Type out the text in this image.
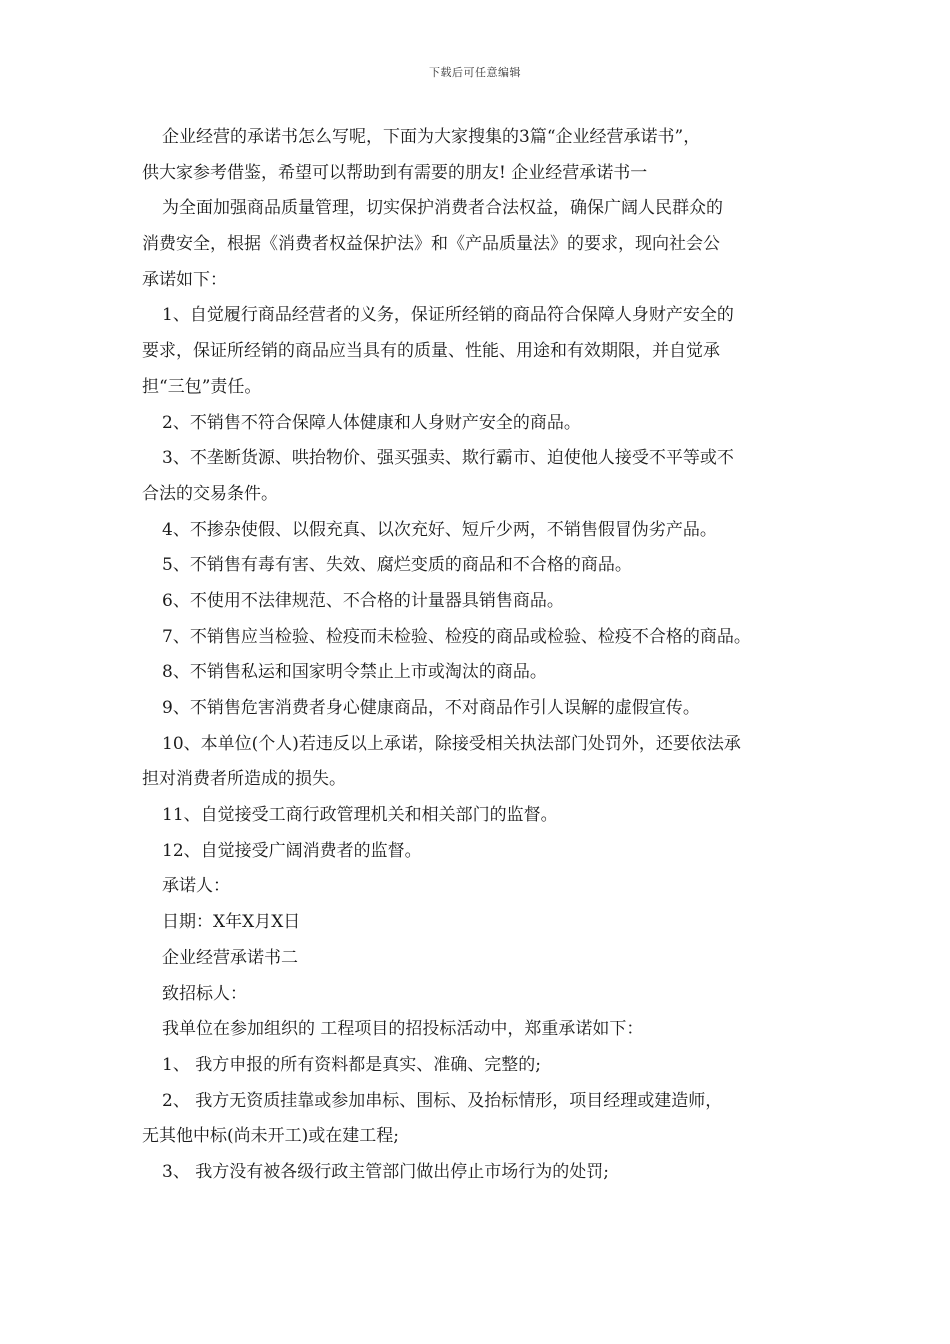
下载后可任意编辑
企业经营的承诺书怎么写呢，下面为大家搜集的3篇“企业经营承诺书”，
供大家参考借鉴，希望可以帮助到有需要的朋友! 企业经营承诺书一
为全面加强商品质量管理，切实保护消费者合法权益，确保广阔人民群众的
消费安全，根据《消费者权益保护法》和《产品质量法》的要求，现向社会公
承诺如下：
1、自觉履行商品经营者的义务，保证所经销的商品符合保障人身财产安全的
要求，保证所经销的商品应当具有的质量、性能、用途和有效期限，并自觉承
担“三包”责任。
2、不销售不符合保障人体健康和人身财产安全的商品。
3、不垄断货源、哄抬物价、强买强卖、欺行霸市、迫使他人接受不平等或不
合法的交易条件。
4、不掺杂使假、以假充真、以次充好、短斤少两，不销售假冒伪劣产品。
5、不销售有毒有害、失效、腐烂变质的商品和不合格的商品。
6、不使用不法律规范、不合格的计量器具销售商品。
7、不销售应当检验、检疫而未检验、检疫的商品或检验、检疫不合格的商品。
8、不销售私运和国家明令禁止上市或淘汰的商品。
9、不销售危害消费者身心健康商品，不对商品作引人误解的虚假宣传。
10、本单位(个人)若违反以上承诺，除接受相关执法部门处罚外，还要依法承
担对消费者所造成的损失。
11、自觉接受工商行政管理机关和相关部门的监督。
12、自觉接受广阔消费者的监督。
承诺人：
日期：X年X月X日
企业经营承诺书二
致招标人：
我单位在参加组织的 工程项目的招投标活动中，郑重承诺如下：
1、 我方申报的所有资料都是真实、准确、完整的;
2、 我方无资质挂靠或参加串标、围标、及抬标情形，项目经理或建造师，
无其他中标(尚未开工)或在建工程;
3、 我方没有被各级行政主管部门做出停止市场行为的处罚;
